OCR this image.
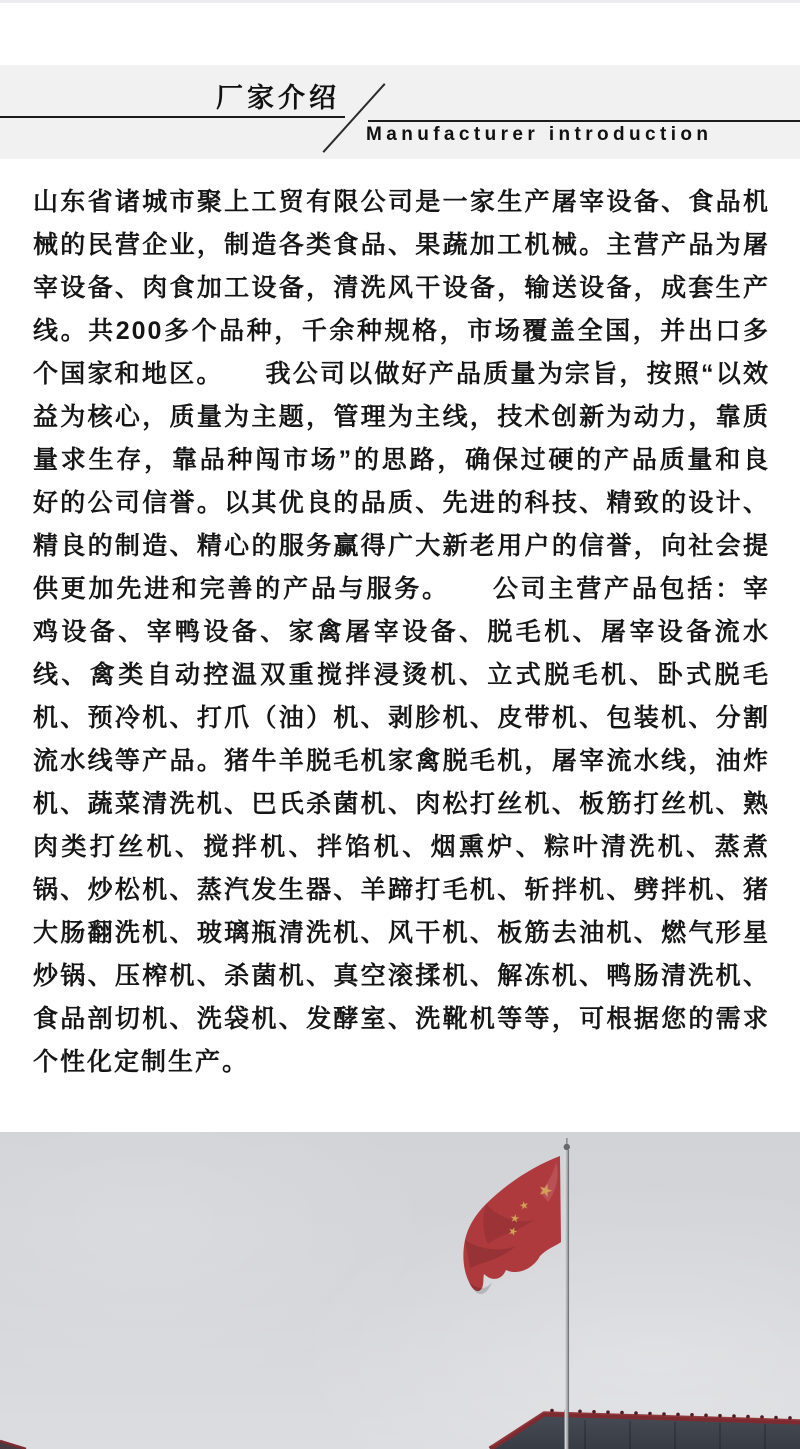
厂家介绍
Manufacturer introduction
山东省诸城市聚上工贸有限公司是一家生产屠宰设备、食品机械的民营企业，制造各类食品、果蔬加工机械。主营产品为屠宰设备、肉食加工设备，清洗风干设备，输送设备，成套生产线。共200多个品种，千余种规格，市场覆盖全国，并出口多个国家和地区。　　我公司以做好产品质量为宗旨，按照“以效益为核心，质量为主题，管理为主线，技术创新为动力，靠质量求生存，靠品种闯市场”的思路，确保过硬的产品质量和良好的公司信誉。以其优良的品质、先进的科技、精致的设计、精良的制造、精心的服务赢得广大新老用户的信誉，向社会提供更加先进和完善的产品与服务。　　公司主营产品包括：宰鸡设备、宰鸭设备、家禽屠宰设备、脱毛机、屠宰设备流水线、禽类自动控温双重搅拌浸烫机、立式脱毛机、卧式脱毛机、预冷机、打爪（油）机、剥胗机、皮带机、包装机、分割流水线等产品。猪牛羊脱毛机家禽脱毛机，屠宰流水线，油炸机、蔬菜清洗机、巴氏杀菌机、肉松打丝机、板筋打丝机、熟肉类打丝机、搅拌机、拌馅机、烟熏炉、粽叶清洗机、蒸煮锅、炒松机、蒸汽发生器、羊蹄打毛机、斩拌机、劈拌机、猪大肠翻洗机、玻璃瓶清洗机、风干机、板筋去油机、燃气形星炒锅、压榨机、杀菌机、真空滚揉机、解冻机、鸭肠清洗机、食品剖切机、洗袋机、发酵室、洗靴机等等，可根据您的需求个性化定制生产。
★
★
★
★
